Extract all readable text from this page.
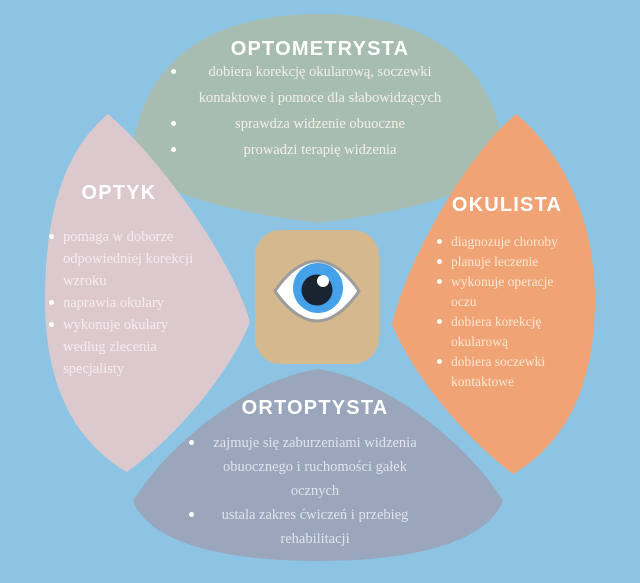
OPTOMETRYSTA
dobiera korekcję okularową, soczewki kontaktowe i pomoce dla słabowidzących
sprawdza widzenie obuoczne
prowadzi terapię widzenia
OPTYK
pomaga w doborze odpowiedniej korekcji wzroku
naprawia okulary
wykonuje okulary według zlecenia specjalisty
OKULISTA
diagnozuje choroby
planuje leczenie
wykonuje operacje oczu
dobiera korekcję okularową
dobiera soczewki kontaktowe
ORTOPTYSTA
zajmuje się zaburzeniami widzenia obuocznego i ruchomości gałek ocznych
ustala zakres ćwiczeń i przebieg rehabilitacji
